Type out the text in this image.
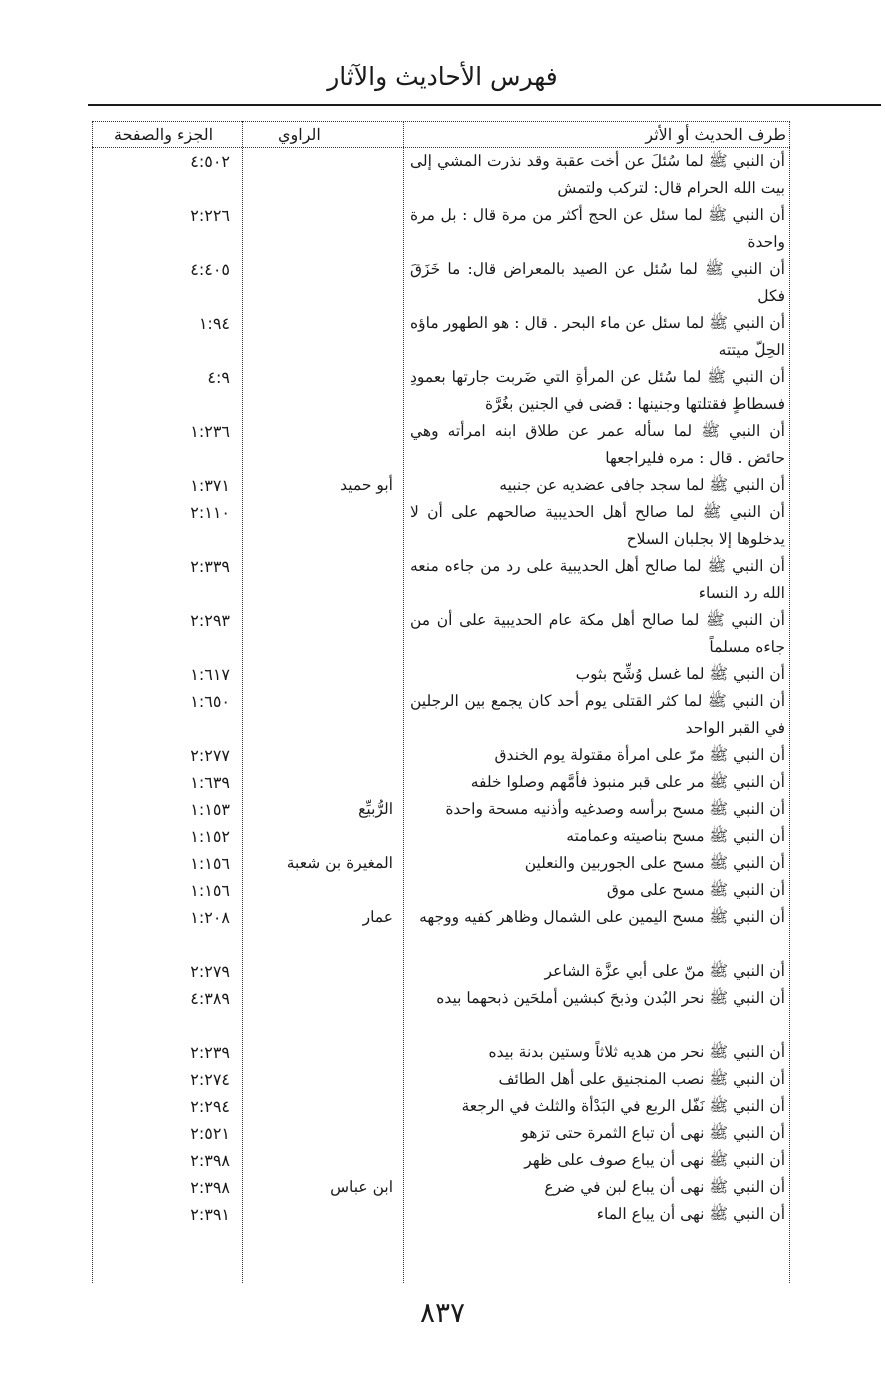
فهرس الأحاديث والآثار
طرف الحديث أو الأثر
الراوي
الجزء والصفحة
أن النبي ﷺ لما سُئلَ عن أخت عقبة وقد نذرت المشي إلى بيت الله الحرام قال: لتركب ولتمش
٤:٥٠٢
أن النبي ﷺ لما سئل عن الحج أكثر من مرة قال : بل مرة واحدة
٢:٢٢٦
أن النبي ﷺ لما سُئل عن الصيد بالمعراض قال: ما خَزَقَ فكل
٤:٤٠٥
أن النبي ﷺ لما سئل عن ماء البحر . قال : هو الطهور ماؤه الحِلّ ميتته
١:٩٤
أن النبي ﷺ لما سُئل عن المرأةِ التي ضَربت جارتها بعمودِ فسطاطٍ فقتلتها وجنينها : قضى في الجنين بغُرَّة
٤:٩
أن النبي ﷺ لما سأله عمر عن طلاق ابنه امرأته وهي حائض . قال : مره فليراجعها
١:٢٣٦
أن النبي ﷺ لما سجد جافى عضديه عن جنبيه
أبو حميد
١:٣٧١
أن النبي ﷺ لما صالح أهل الحديبية صالحهم على أن لا يدخلوها إلا بجلبان السلاح
٢:١١٠
أن النبي ﷺ لما صالح أهل الحديبية على رد من جاءه منعه الله رد النساء
٢:٣٣٩
أن النبي ﷺ لما صالح أهل مكة عام الحديبية على أن من جاءه مسلماً
٢:٢٩٣
أن النبي ﷺ لما غسل وُشِّح بثوب
١:٦١٧
أن النبي ﷺ لما كثر القتلى يوم أحد كان يجمع بين الرجلين في القبر الواحد
١:٦٥٠
أن النبي ﷺ مرّ على امرأة مقتولة يوم الخندق
٢:٢٧٧
أن النبي ﷺ مر على قبر منبوذ فأمَّهم وصلوا خلفه
١:٦٣٩
أن النبي ﷺ مسح برأسه وصدغيه وأذنيه مسحة واحدة
الرُّبيِّع
١:١٥٣
أن النبي ﷺ مسح بناصيته وعمامته
١:١٥٢
أن النبي ﷺ مسح على الجوربين والنعلين
المغيرة بن شعبة
١:١٥٦
أن النبي ﷺ مسح على موق
١:١٥٦
أن النبي ﷺ مسح اليمين على الشمال وظاهر كفيه ووجهه
عمار
١:٢٠٨
أن النبي ﷺ منّ على أبي عزَّة الشاعر
٢:٢٧٩
أن النبي ﷺ نحر البُدن وذبحَ كبشين أملحَين ذبحهما بيده
٤:٣٨٩
أن النبي ﷺ نحر من هديه ثلاثاً وستين بدنة بيده
٢:٢٣٩
أن النبي ﷺ نصب المنجنيق على أهل الطائف
٢:٢٧٤
أن النبي ﷺ نَفّل الربع في البَدْأة والثلث في الرجعة
٢:٢٩٤
أن النبي ﷺ نهى أن تباع الثمرة حتى تزهو
٢:٥٢١
أن النبي ﷺ نهى أن يباع صوف على ظهر
٢:٣٩٨
أن النبي ﷺ نهى أن يباع لبن في ضرع
ابن عباس
٢:٣٩٨
أن النبي ﷺ نهى أن يباع الماء
٢:٣٩١
٨٣٧
